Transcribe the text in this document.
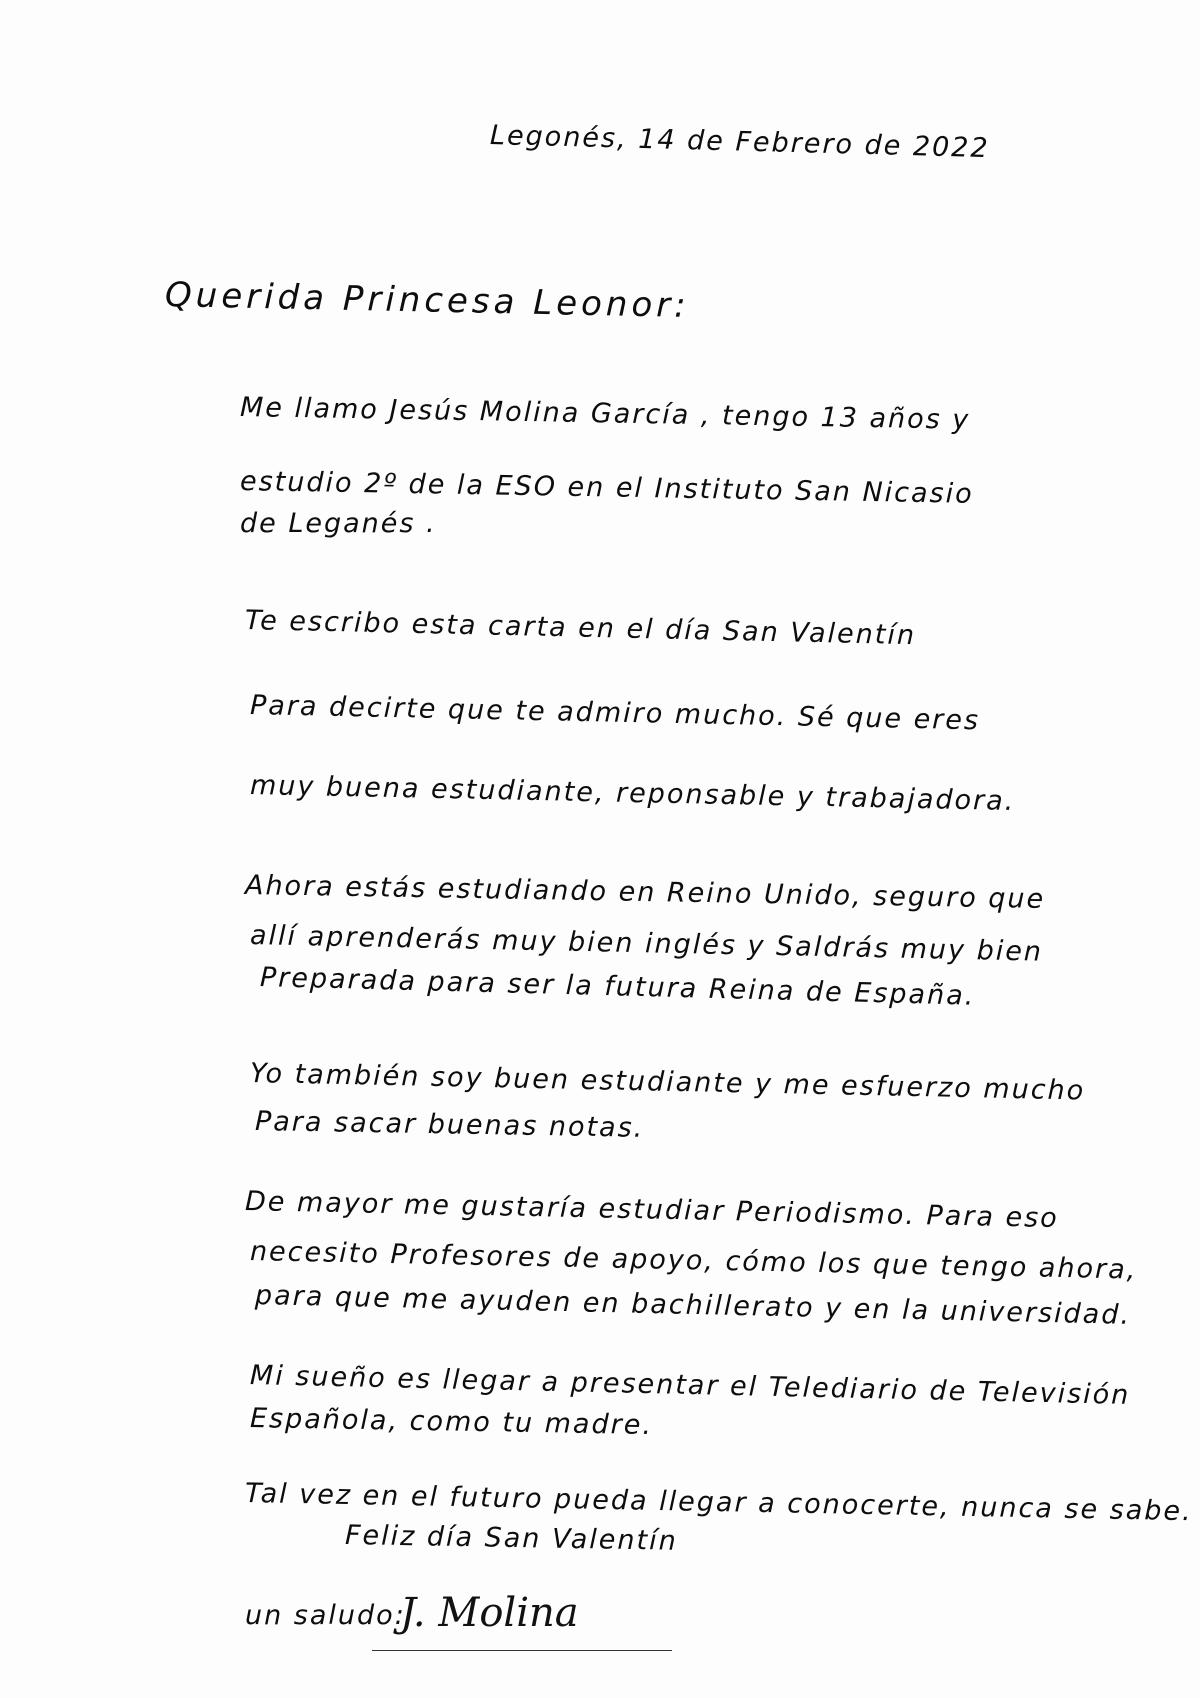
Legonés, 14 de Febrero de 2022
Querida Princesa Leonor:
Me llamo Jesús Molina García , tengo 13 años y
estudio 2º de la ESO en el Instituto San Nicasio
de Leganés .
Te escribo esta carta en el día San Valentín
Para decirte que te admiro mucho. Sé que eres
muy buena estudiante, reponsable y trabajadora.
Ahora estás estudiando en Reino Unido, seguro que
allí aprenderás muy bien inglés y Saldrás muy bien
Preparada para ser la futura Reina de España.
Yo también soy buen estudiante y me esfuerzo mucho
Para sacar buenas notas.
De mayor me gustaría estudiar Periodismo. Para eso
necesito Profesores de apoyo, cómo los que tengo ahora,
para que me ayuden en bachillerato y en la universidad.
Mi sueño es llegar a presentar el Telediario de Televisión
Española, como tu madre.
Tal vez en el futuro pueda llegar a conocerte, nunca se sabe.
Feliz día San Valentín
un saludo:
J. Molina
